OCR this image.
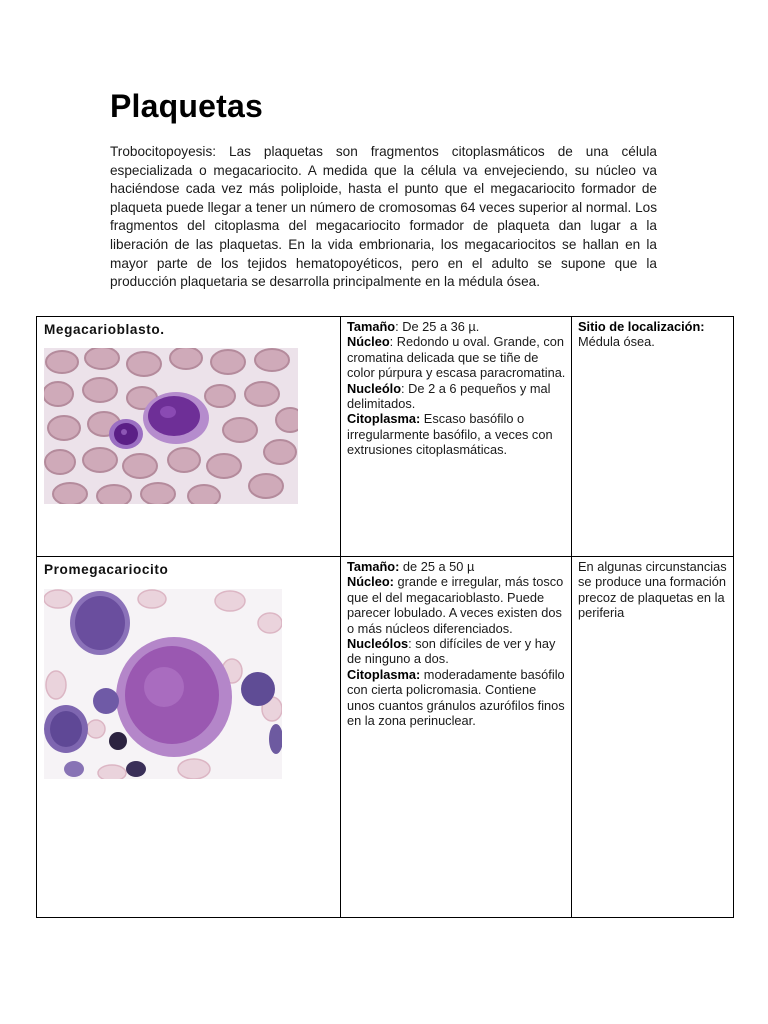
Plaquetas

Trobocitopoyesis: Las plaquetas son fragmentos citoplasmáticos de una célula especializada o megacariocito. A medida que la célula va envejeciendo, su núcleo va haciéndose cada vez más poliploide, hasta el punto que el megacariocito formador de plaqueta puede llegar a tener un número de cromosomas 64 veces superior al normal. Los fragmentos del citoplasma del megacariocito formador de plaqueta dan lugar a la liberación de las plaquetas. En la vida embrionaria, los megacariocitos se hallan en la mayor parte de los tejidos hematopoyéticos, pero en el adulto se supone que la producción plaquetaria se desarrolla principalmente en la médula ósea.

Megacarioblasto.	Tamaño: De 25 a 36 µ.
Núcleo: Redondo u oval. Grande, con cromatina delicada que se tiñe de color púrpura y escasa paracromatina.
Nucleólo: De 2 a 6 pequeños y mal delimitados.
Citoplasma: Escaso basófilo o irregularmente basófilo, a veces con extrusiones citoplasmáticas.	Sitio de localización:
Médula ósea.

Promegacariocito	Tamaño: de 25 a 50 µ
Núcleo: grande e irregular, más tosco que el del megacarioblasto. Puede parecer lobulado. A veces existen dos o más núcleos diferenciados.
Nucleólos: son difíciles de ver y hay de ninguno a dos.
Citoplasma: moderadamente basófilo con cierta policromasia. Contiene unos cuantos gránulos azurófilos finos en la zona perinuclear.	En algunas circunstancias se produce una formación precoz de plaquetas en la periferia
